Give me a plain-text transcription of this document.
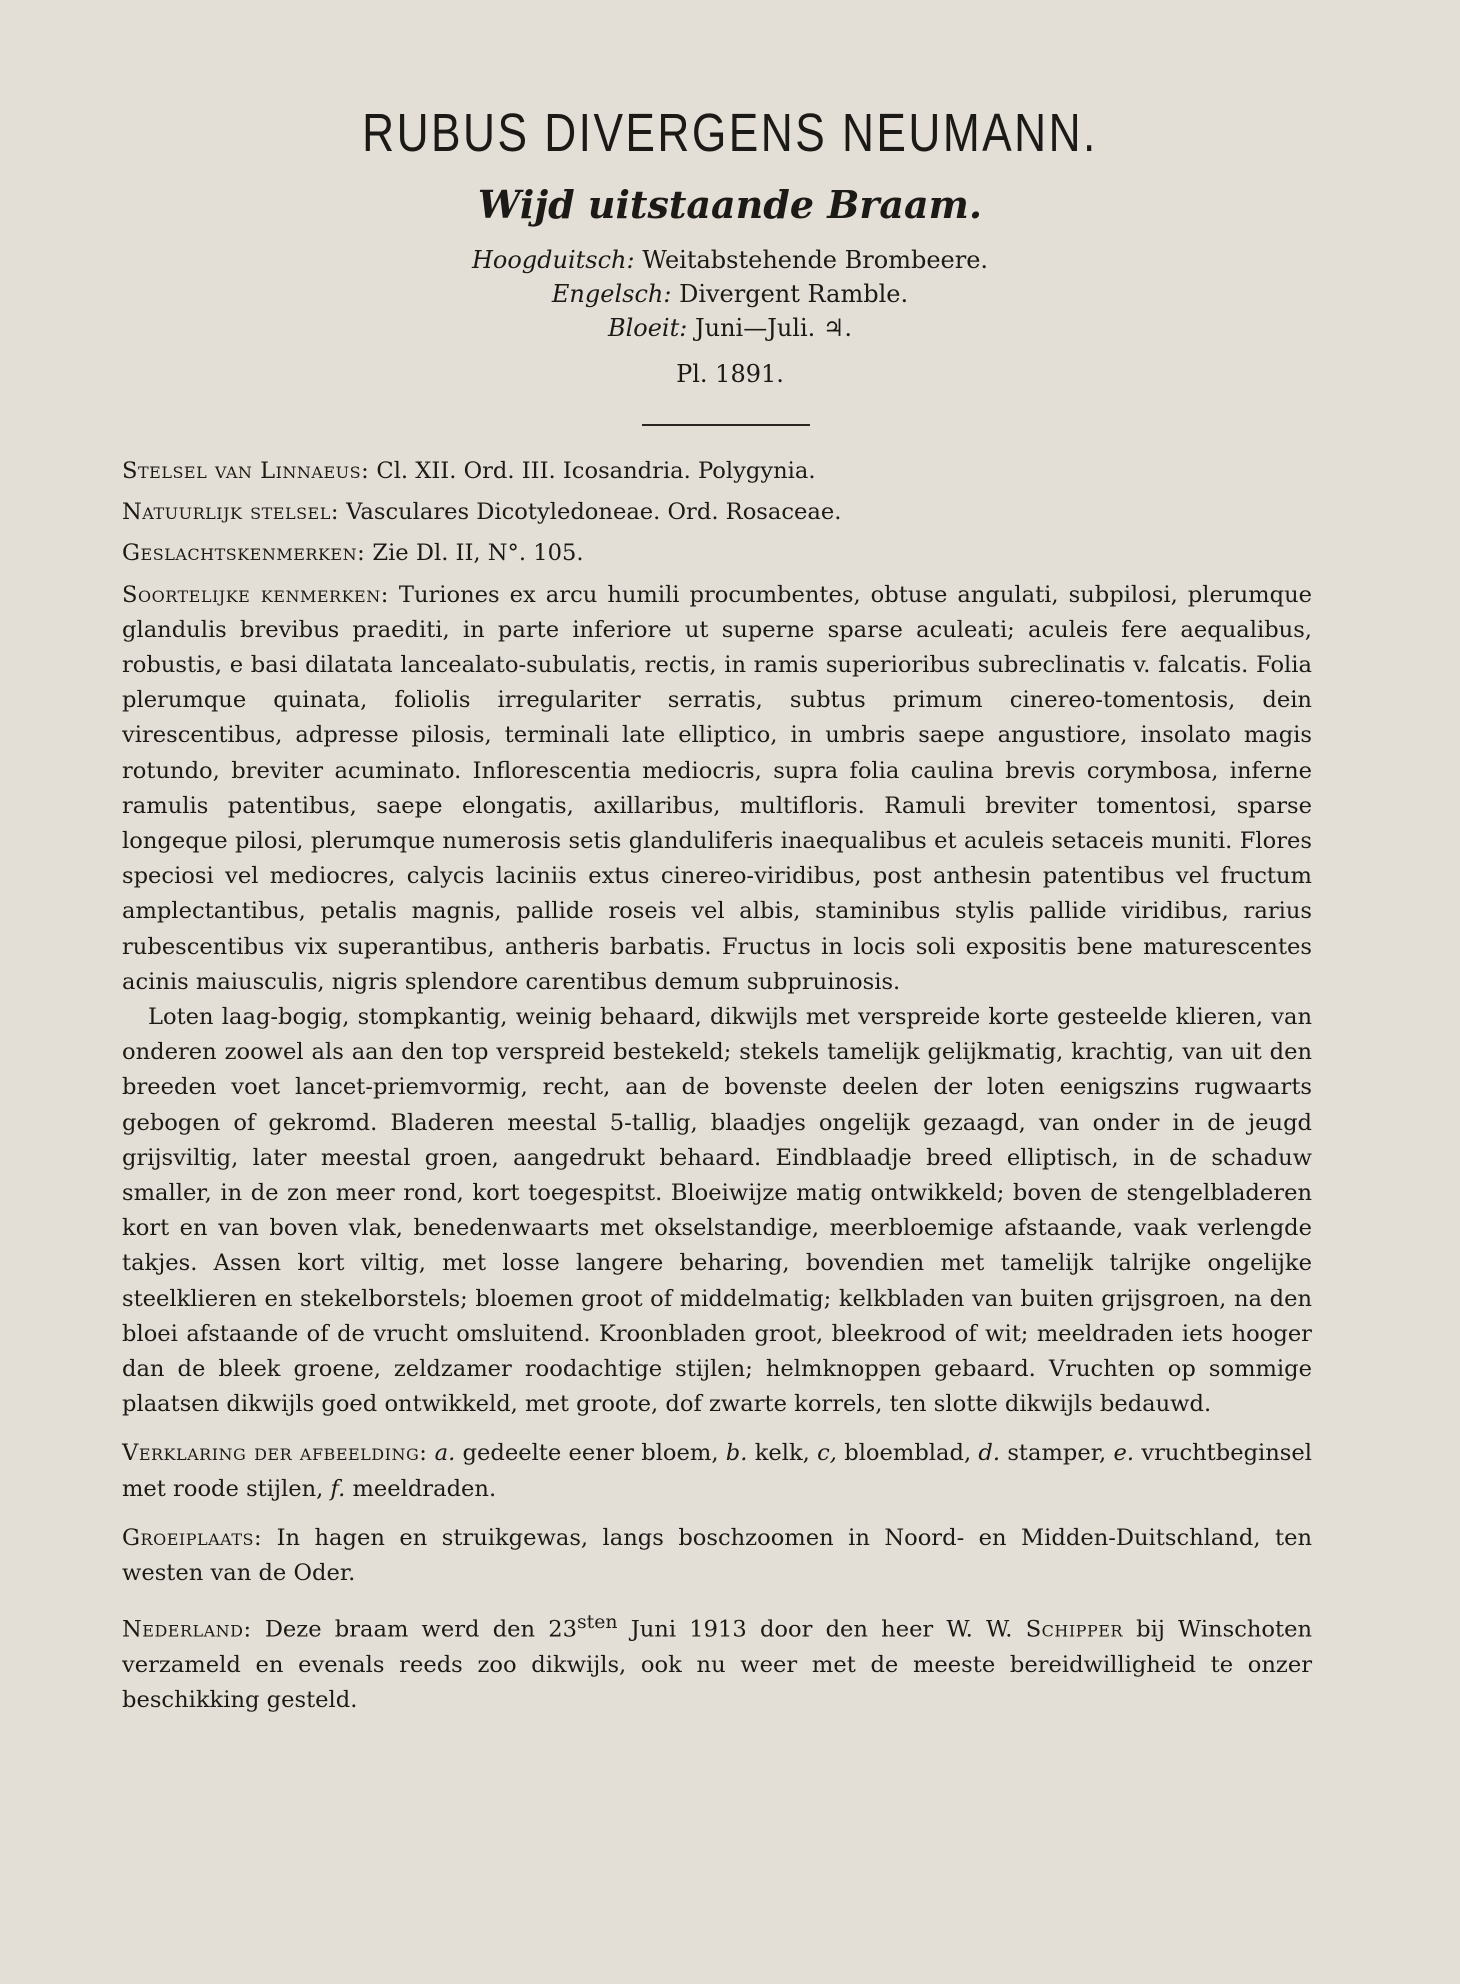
RUBUS DIVERGENS NEUMANN.

Wijd uitstaande Braam.

Hoogduitsch: Weitabstehende Brombeere.

Engelsch: Divergent Ramble.

Bloeit: Juni—Juli. ♃.

Pl. 1891.

Stelsel van Linnaeus: Cl. XII. Ord. III. Icosandria. Polygynia.

Natuurlijk stelsel: Vasculares Dicotyledoneae. Ord. Rosaceae.

Geslachtskenmerken: Zie Dl. II, N°. 105.

Soortelijke kenmerken: Turiones ex arcu humili procumbentes, obtuse angulati, subpilosi, plerumque glandulis brevibus praediti, in parte inferiore ut superne sparse aculeati; aculeis fere aequalibus, robustis, e basi dilatata lancealato-subulatis, rectis, in ramis superioribus subreclinatis v. falcatis. Folia plerumque quinata, foliolis irregulariter serratis, subtus primum cinereo-tomentosis, dein virescentibus, adpresse pilosis, terminali late elliptico, in umbris saepe angustiore, insolato magis rotundo, breviter acuminato. Inflorescentia mediocris, supra folia caulina brevis corymbosa, inferne ramulis patentibus, saepe elongatis, axillaribus, multifloris. Ramuli breviter tomentosi, sparse longeque pilosi, plerumque numerosis setis glanduliferis inaequalibus et aculeis setaceis muniti. Flores speciosi vel mediocres, calycis laciniis extus cinereo-viridibus, post anthesin patentibus vel fructum amplectantibus, petalis magnis, pallide roseis vel albis, staminibus stylis pallide viridibus, rarius rubescentibus vix superantibus, antheris barbatis. Fructus in locis soli expositis bene maturescentes acinis maiusculis, nigris splendore carentibus demum subpruinosis.

Loten laag-bogig, stompkantig, weinig behaard, dikwijls met verspreide korte gesteelde klieren, van onderen zoowel als aan den top verspreid bestekeld; stekels tamelijk gelijkmatig, krachtig, van uit den breeden voet lancet-priemvormig, recht, aan de bovenste deelen der loten eenigszins rugwaarts gebogen of gekromd. Bladeren meestal 5-tallig, blaadjes ongelijk gezaagd, van onder in de jeugd grijsviltig, later meestal groen, aangedrukt behaard. Eindblaadje breed elliptisch, in de schaduw smaller, in de zon meer rond, kort toegespitst. Bloeiwijze matig ontwikkeld; boven de stengelbladeren kort en van boven vlak, benedenwaarts met okselstandige, meerbloemige afstaande, vaak verlengde takjes. Assen kort viltig, met losse langere beharing, bovendien met tamelijk talrijke ongelijke steelklieren en stekelborstels; bloemen groot of middelmatig; kelkbladen van buiten grijsgroen, na den bloei afstaande of de vrucht omsluitend. Kroonbladen groot, bleekrood of wit; meeldraden iets hooger dan de bleek groene, zeldzamer roodachtige stijlen; helmknoppen gebaard. Vruchten op sommige plaatsen dikwijls goed ontwikkeld, met groote, dof zwarte korrels, ten slotte dikwijls bedauwd.

Verklaring der afbeelding: a. gedeelte eener bloem, b. kelk, c, bloemblad, d. stamper, e. vruchtbeginsel met roode stijlen, f. meeldraden.

Groeiplaats: In hagen en struikgewas, langs boschzoomen in Noord- en Midden-Duitschland, ten westen van de Oder.

Nederland: Deze braam werd den $23^{sten}$ Juni 1913 door den heer W. W. Schipper bij Winschoten verzameld en evenals reeds zoo dikwijls, ook nu weer met de meeste bereidwilligheid te onzer beschikking gesteld.
